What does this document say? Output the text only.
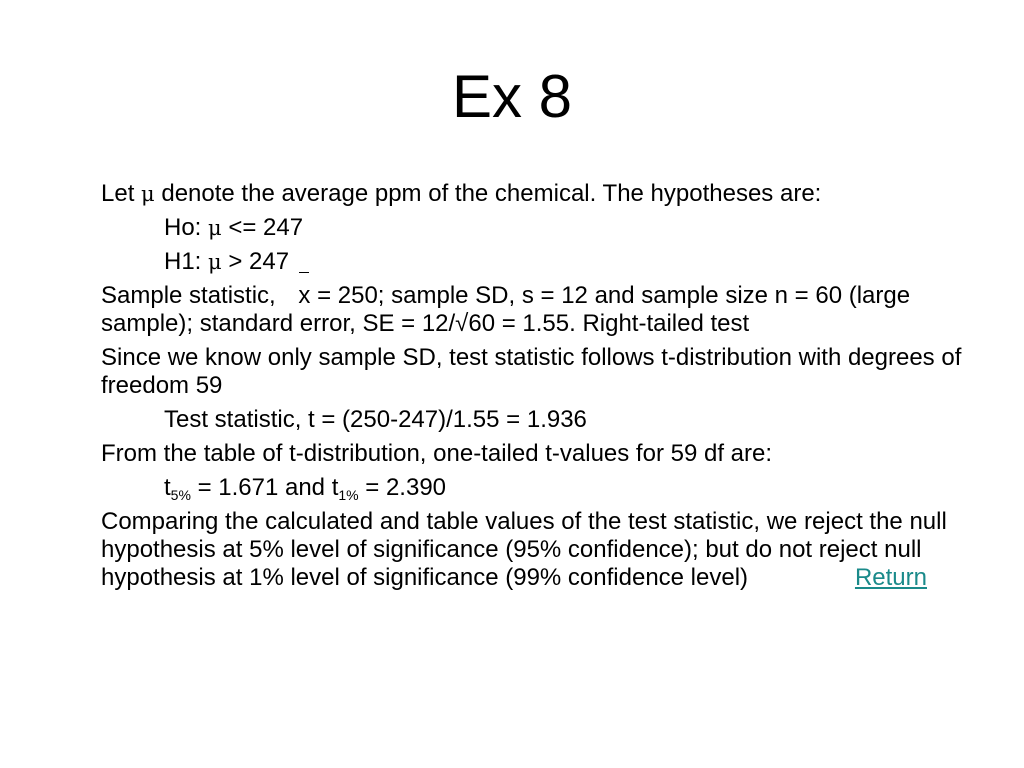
Ex 8
Let μ denote the average ppm of the chemical. The hypotheses are:
Ho: μ <= 247
H1: μ > 247
Sample statistic, x = 250; sample SD, s = 12 and sample size n = 60 (large sample); standard error, SE = 12/√60 = 1.55. Right-tailed test
Since we know only sample SD, test statistic follows t-distribution with degrees of freedom 59
Test statistic, t = (250-247)/1.55 = 1.936
From the table of t-distribution, one-tailed t-values for 59 df are:
$t_{5\%} = 1.671$ and $t_{1\%} = 2.390$
Comparing the calculated and table values of the test statistic, we reject the null hypothesis at 5% level of significance (95% confidence); but do not reject null hypothesis at 1% level of significance (99% confidence level)	Return
